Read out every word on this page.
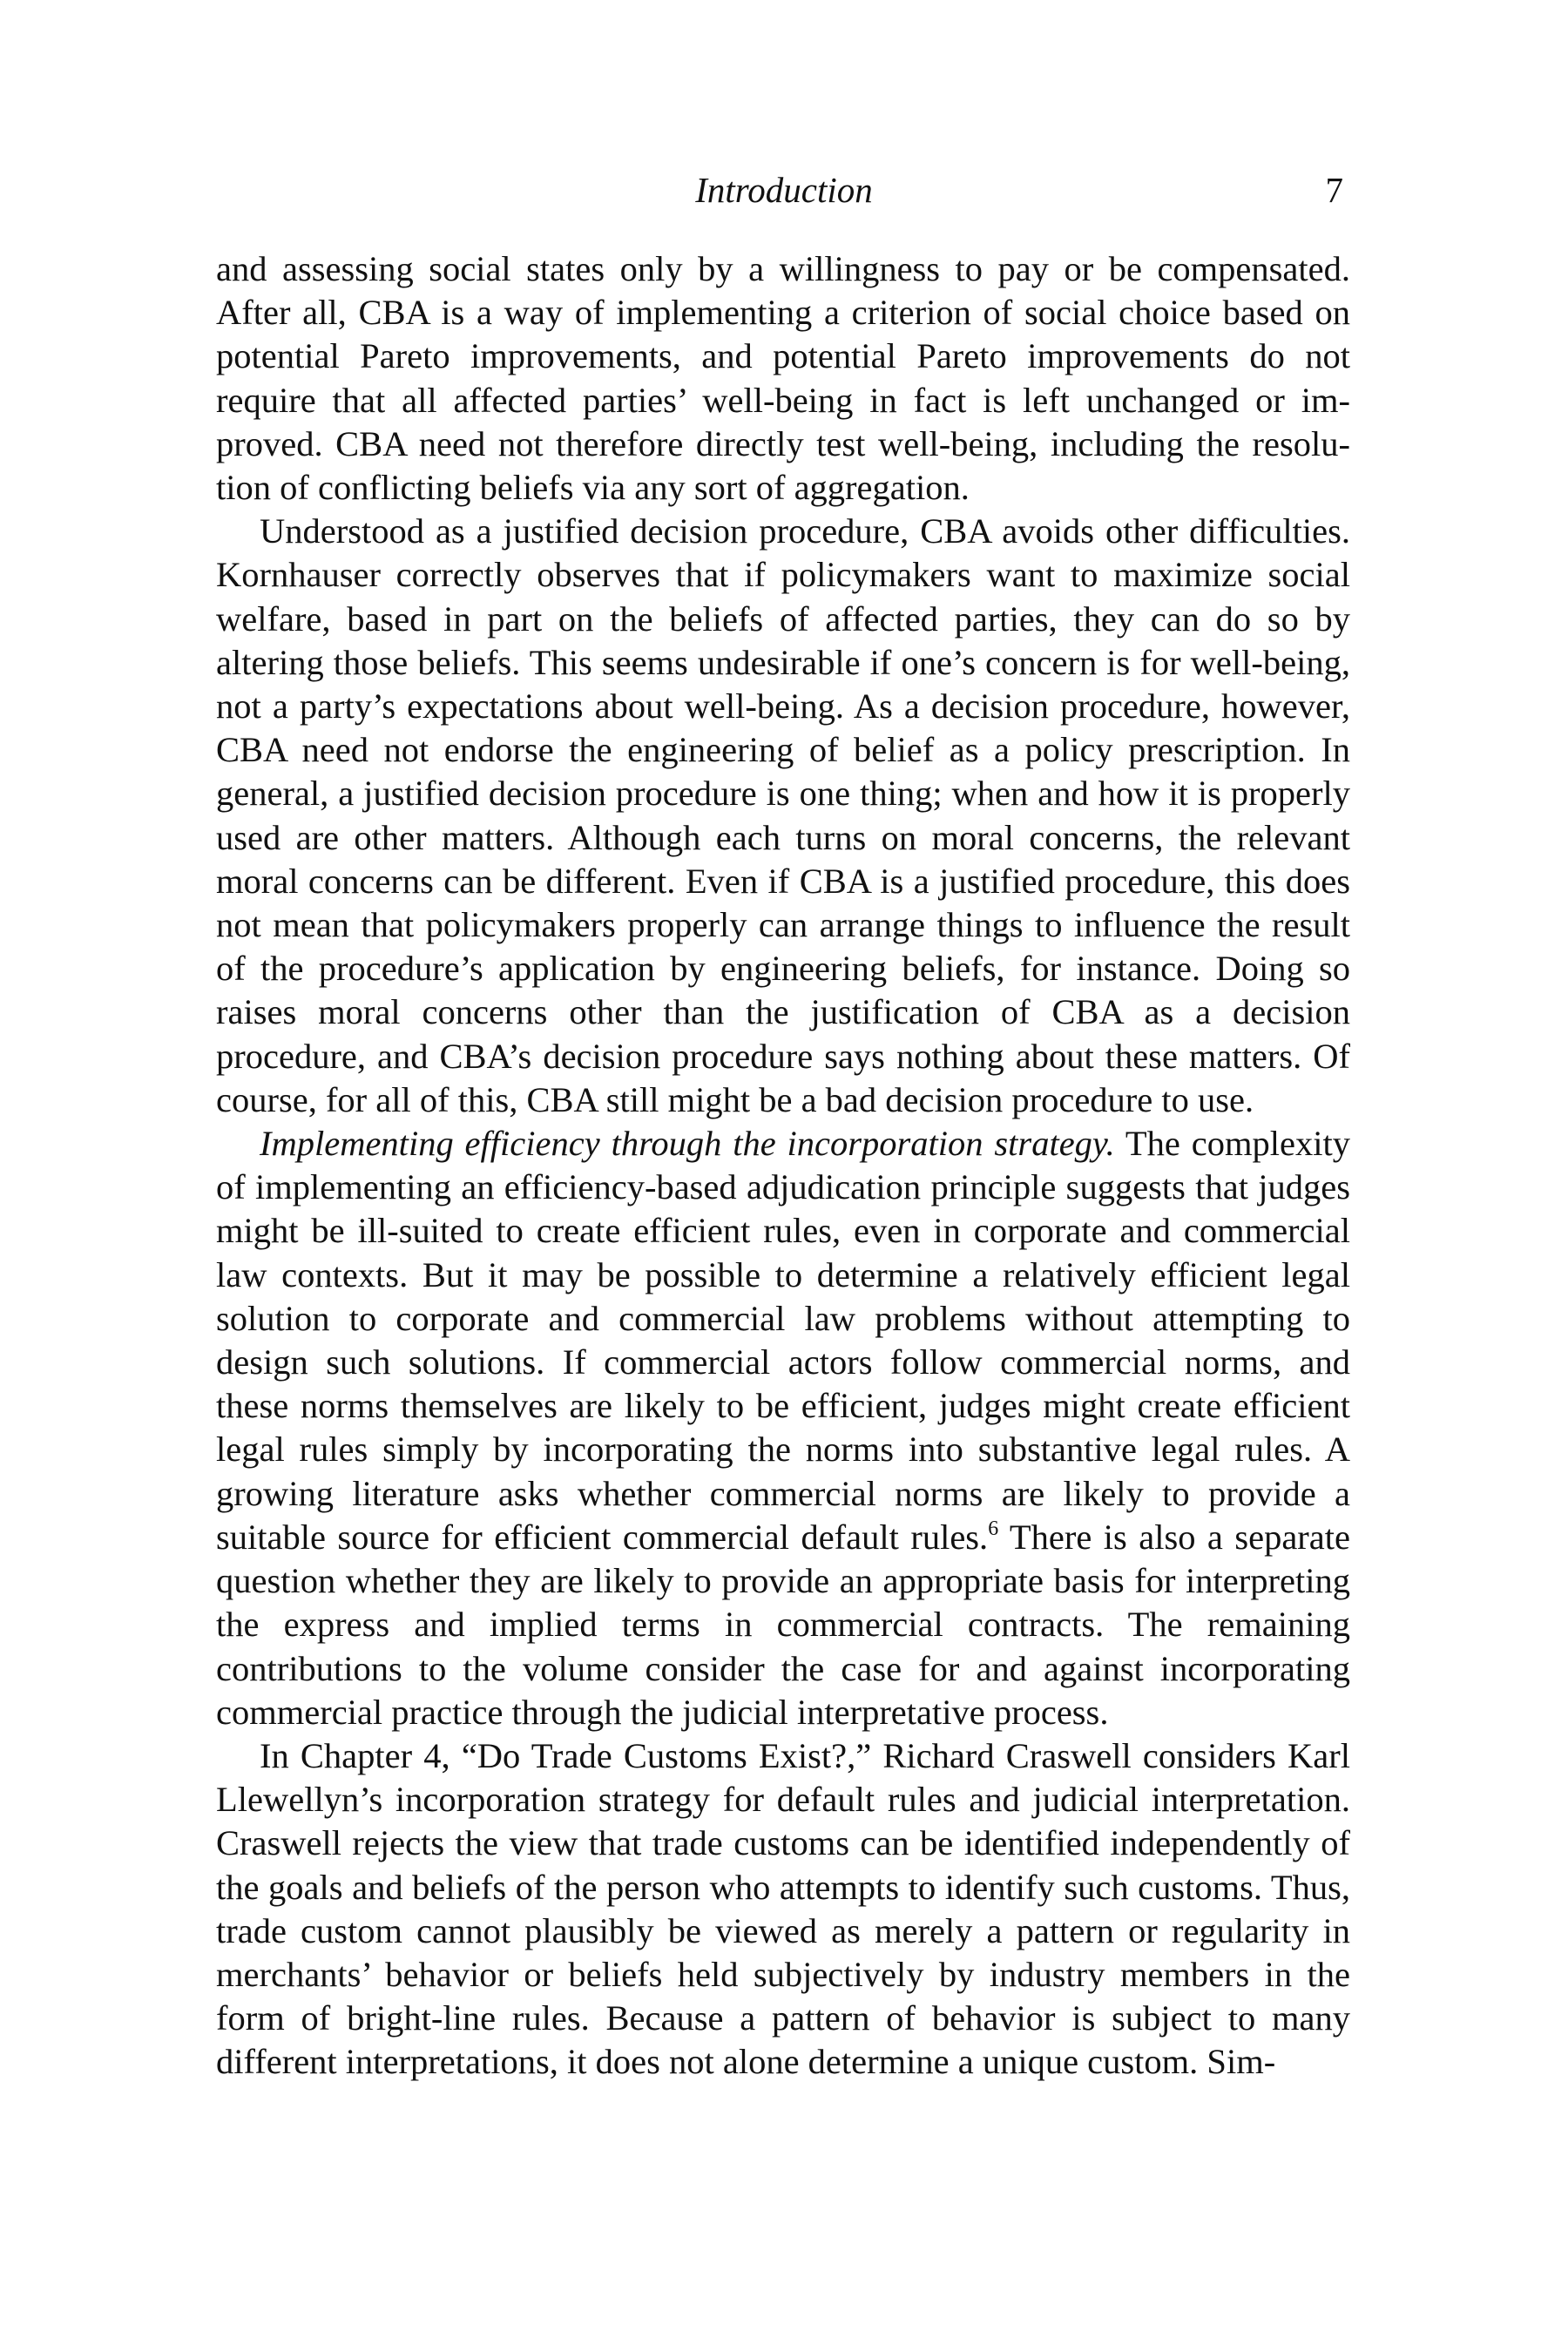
Introduction	7

and assessing social states only by a willingness to pay or be compensated. After all, CBA is a way of implementing a criterion of social choice based on potential Pareto improvements, and potential Pareto improvements do not require that all affected parties’ well-being in fact is left unchanged or improved. CBA need not therefore directly test well-being, including the resolution of conflicting beliefs via any sort of aggregation.

Understood as a justified decision procedure, CBA avoids other difficulties. Kornhauser correctly observes that if policymakers want to maximize social welfare, based in part on the beliefs of affected parties, they can do so by altering those beliefs. This seems undesirable if one’s concern is for well-being, not a party’s expectations about well-being. As a decision procedure, however, CBA need not endorse the engineering of belief as a policy prescription. In general, a justified decision procedure is one thing; when and how it is properly used are other matters. Although each turns on moral concerns, the relevant moral concerns can be different. Even if CBA is a justified procedure, this does not mean that policymakers properly can arrange things to influence the result of the procedure’s application by engineering beliefs, for instance. Doing so raises moral concerns other than the justification of CBA as a decision procedure, and CBA’s decision procedure says nothing about these matters. Of course, for all of this, CBA still might be a bad decision procedure to use.

Implementing efficiency through the incorporation strategy. The complexity of implementing an efficiency-based adjudication principle suggests that judges might be ill-suited to create efficient rules, even in corporate and commercial law contexts. But it may be possible to determine a relatively efficient legal solution to corporate and commercial law problems without attempting to design such solutions. If commercial actors follow commercial norms, and these norms themselves are likely to be efficient, judges might create efficient legal rules simply by incorporating the norms into substantive legal rules. A growing literature asks whether commercial norms are likely to provide a suitable source for efficient commercial default rules.$^6$ There is also a separate question whether they are likely to provide an appropriate basis for interpreting the express and implied terms in commercial contracts. The remaining contributions to the volume consider the case for and against incorporating commercial practice through the judicial interpretative process.

In Chapter 4, “Do Trade Customs Exist?,” Richard Craswell considers Karl Llewellyn’s incorporation strategy for default rules and judicial interpretation. Craswell rejects the view that trade customs can be identified independently of the goals and beliefs of the person who attempts to identify such customs. Thus, trade custom cannot plausibly be viewed as merely a pattern or regularity in merchants’ behavior or beliefs held subjectively by industry members in the form of bright-line rules. Because a pattern of behavior is subject to many different interpretations, it does not alone determine a unique custom. Sim-
